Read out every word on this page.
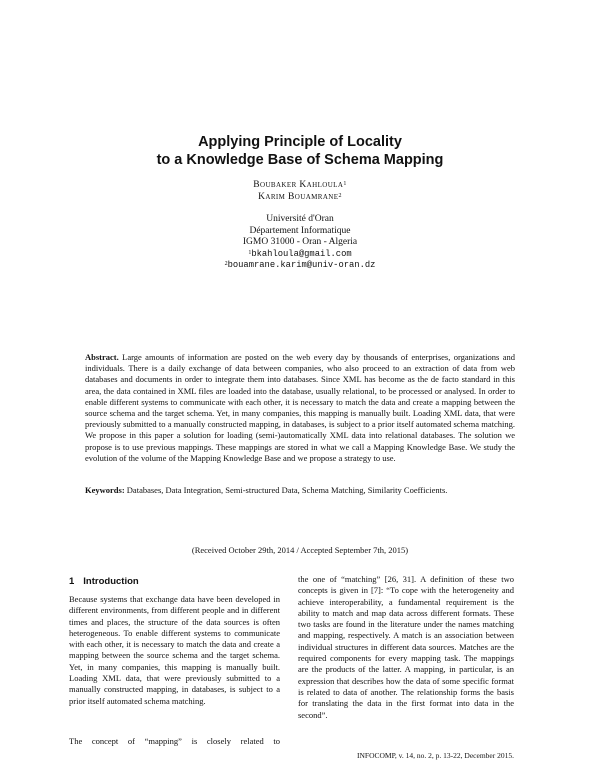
Applying Principle of Locality
to a Knowledge Base of Schema Mapping
Boubaker Kahloula$^1$
Karim Bouamrane$^2$
Université d'Oran
Département Informatique
IGMO 31000 - Oran - Algeria
$^1$bkahloula@gmail.com
$^2$bouamrane.karim@univ-oran.dz

Abstract. Large amounts of information are posted on the web every day by thousands of enterprises, organizations and individuals. There is a daily exchange of data between companies, who also proceed to an extraction of data from web databases and documents in order to integrate them into databases. Since XML has become as the de facto standard in this area, the data contained in XML files are loaded into the database, usually relational, to be processed or analysed. In order to enable different systems to communicate with each other, it is necessary to match the data and create a mapping between the source schema and the target schema. Yet, in many companies, this mapping is manually built. Loading XML data, that were previously submitted to a manually constructed mapping, in databases, is subject to a prior itself automated schema matching. We propose in this paper a solution for loading (semi-)automatically XML data into relational databases. The solution we propose is to use previous mappings. These mappings are stored in what we call a Mapping Knowledge Base. We study the evolution of the volume of the Mapping Knowledge Base and we propose a strategy to use.

Keywords: Databases, Data Integration, Semi-structured Data, Schema Matching, Similarity Coefficients.

(Received October 29th, 2014 / Accepted September 7th, 2015)
1 Introduction

Because systems that exchange data have been developed in different environments, from different people and in different times and places, the structure of the data sources is often heterogeneous. To enable different systems to communicate with each other, it is necessary to match the data and create a mapping between the source schema and the target schema. Yet, in many companies, this mapping is manually built. Loading XML data, that were previously submitted to a manually constructed mapping, in databases, is subject to a prior itself automated schema matching.

The concept of “mapping” is closely related to

the one of “matching” [26, 31]. A definition of these two concepts is given in [7]: “To cope with the heterogeneity and achieve interoperability, a fundamental requirement is the ability to match and map data across different formats. These two tasks are found in the literature under the names matching and mapping, respectively. A match is an association between individual structures in different data sources. Matches are the required components for every mapping task. The mappings are the products of the latter. A mapping, in particular, is an expression that describes how the data of some specific format is related to data of another. The relationship forms the basis for translating the data in the first format into data in the second”.

INFOCOMP, v. 14, no. 2, p. 13-22, December 2015.
